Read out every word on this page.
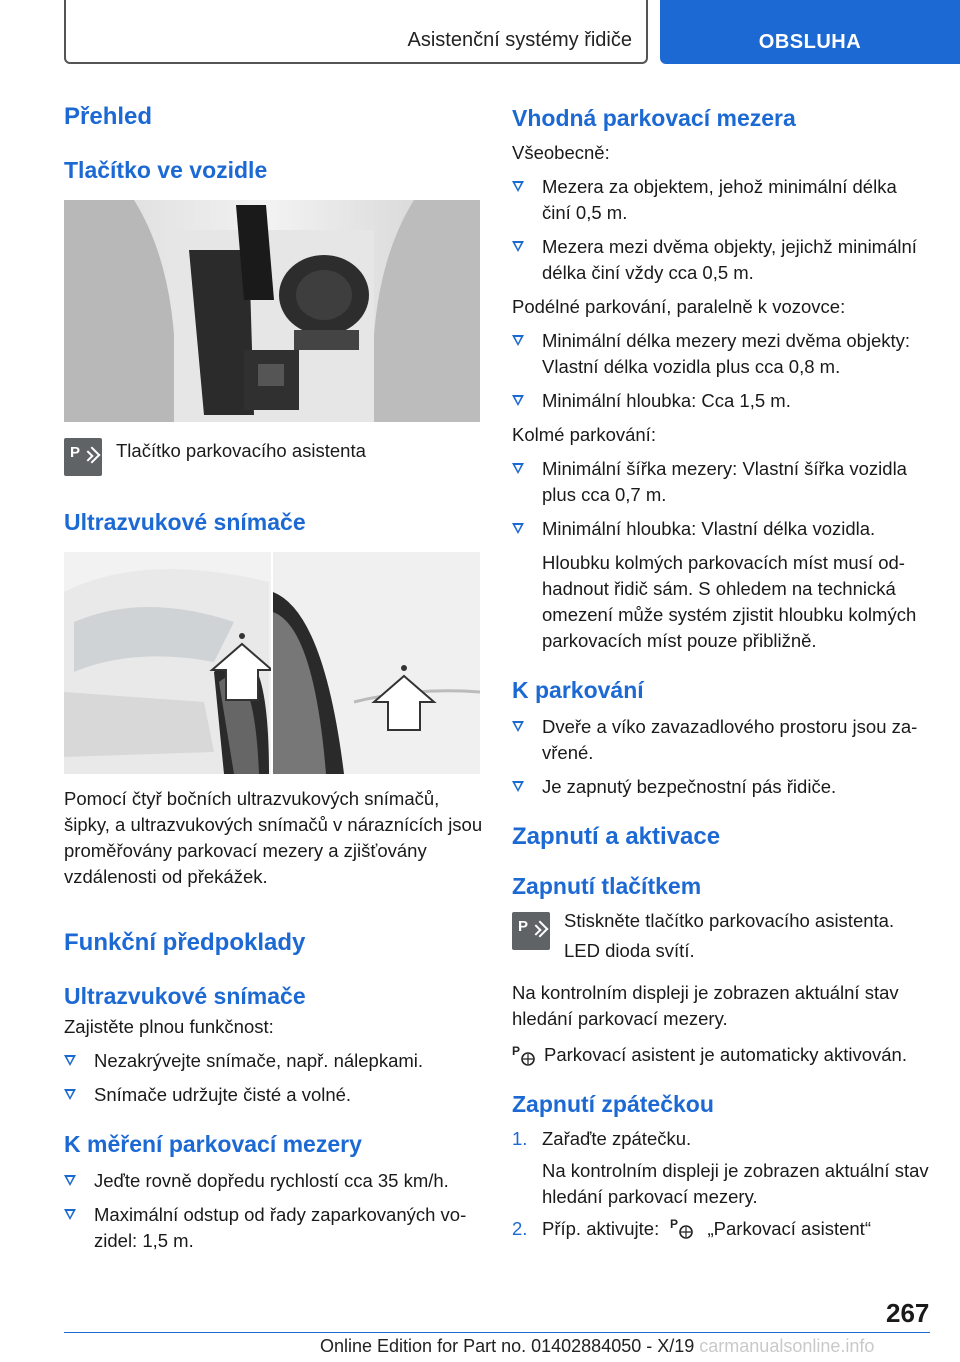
Asistenční systémy řidiče	OBSLUHA
Přehled
Tlačítko ve vozidle
P Tlačítko parkovacího asistenta
Ultrazvukové snímače

Pomocí čtyř bočních ultrazvukových snímačů, šipky, a ultrazvukových snímačů v náraznících jsou proměřovány parkovací mezery a zjišťovány vzdálenosti od překážek.

Funkční předpoklady
Ultrazvukové snímače

Zajistěte plnou funkčnost:

Nezakrývejte snímače, např. nálepkami.
Snímače udržujte čisté a volné.
K měření parkovací mezery
Jeďte rovně dopředu rychlostí cca 35 km/h.
Maximální odstup od řady zaparkovaných vo‐zidel: 1,5 m.
Vhodná parkovací mezera

Všeobecně:

Mezera za objektem, jehož minimální délka činí 0,5 m.
Mezera mezi dvěma objekty, jejichž minimální délka činí vždy cca 0,5 m.

Podélné parkování, paralelně k vozovce:

Minimální délka mezery mezi dvěma objekty: Vlastní délka vozidla plus cca 0,8 m.
Minimální hloubka: Cca 1,5 m.

Kolmé parkování:

Minimální šířka mezery: Vlastní šířka vozidla plus cca 0,7 m.
Minimální hloubka: Vlastní délka vozidla.

Hloubku kolmých parkovacích míst musí od‐hadnout řidič sám. S ohledem na technická omezení může systém zjistit hloubku kolmých parkovacích míst pouze přibližně.

K parkování
Dveře a víko zavazadlového prostoru jsou za‐vřené.
Je zapnutý bezpečnostní pás řidiče.
Zapnutí a aktivace
Zapnutí tlačítkem
P Stiskněte tlačítko parkovacího asistenta.

LED dioda svítí.

Na kontrolním displeji je zobrazen aktuální stav hledání parkovací mezery.

P Parkovací asistent je automaticky aktivován.

Zapnutí zpátečkou
1. Zařaďte zpátečku.

Na kontrolním displeji je zobrazen aktuální stav hledání parkovací mezery.

2. Příp. aktivujte: P „Parkovací asistent“
267
Online Edition for Part no. 01402884050 - X/19 carmanualsonline.info
